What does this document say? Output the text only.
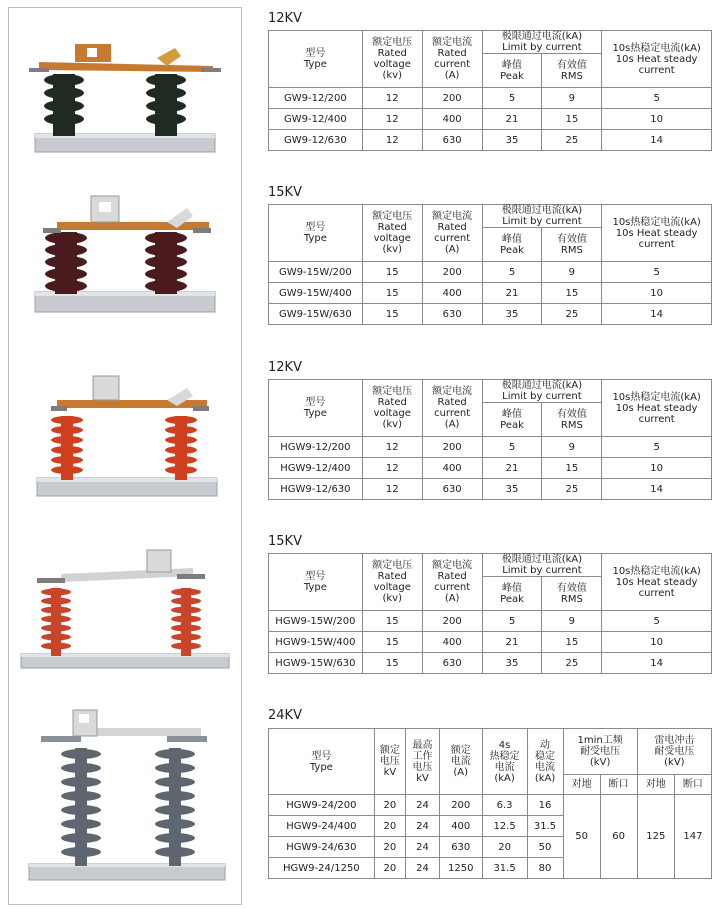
12KV
型号
Type	额定电压
Rated
voltage
(kv)	额定电流
Rated
current
(A)	极限通过电流(kA)
Limit by current		10s热稳定电流(kA)
10s Heat steady
current

			峰值
Peak	有效值
RMS	

GW9-12/200	12	200	5	9	5
GW9-12/400	12	400	21	15	10
GW9-12/630	12	630	35	25	14
15KV
型号
Type	额定电压
Rated
voltage
(kv)	额定电流
Rated
current
(A)	极限通过电流(kA)
Limit by current		10s热稳定电流(kA)
10s Heat steady
current

			峰值
Peak	有效值
RMS	

GW9-15W/200	15	200	5	9	5
GW9-15W/400	15	400	21	15	10
GW9-15W/630	15	630	35	25	14
12KV
型号
Type	额定电压
Rated
voltage
(kv)	额定电流
Rated
current
(A)	极限通过电流(kA)
Limit by current		10s热稳定电流(kA)
10s Heat steady
current

			峰值
Peak	有效值
RMS	

HGW9-12/200	12	200	5	9	5
HGW9-12/400	12	400	21	15	10
HGW9-12/630	12	630	35	25	14
15KV
型号
Type	额定电压
Rated
voltage
(kv)	额定电流
Rated
current
(A)	极限通过电流(kA)
Limit by current		10s热稳定电流(kA)
10s Heat steady
current

			峰值
Peak	有效值
RMS	

HGW9-15W/200	15	200	5	9	5
HGW9-15W/400	15	400	21	15	10
HGW9-15W/630	15	630	35	25	14
24KV
型号
Type	额定
电压
kV	最高
工作
电压
kV	额定
电流
(A)	4s
热稳定
电流
(kA)	动
稳定
电流
(kA)	1min工频
耐受电压
(kV)		雷电冲击
耐受电压
(kV)	

						对地	断口	对地	断口
HGW9-24/200	20	24	200	6.3	16	50	60	125	147
HGW9-24/400	20	24	400	12.5	31.5				
HGW9-24/630	20	24	630	20	50				
HGW9-24/1250	20	24	1250	31.5	80				
